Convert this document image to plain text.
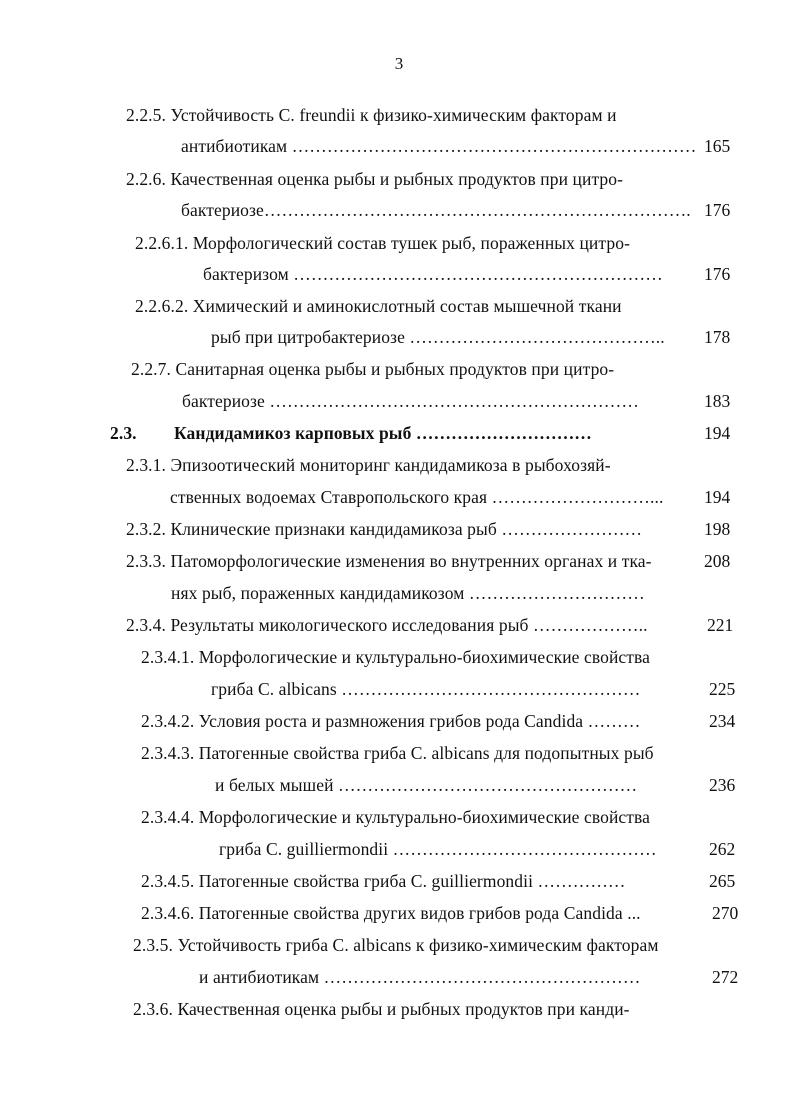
3
2.2.5. Устойчивость C. freundii к физико-химическим факторам и
антибиотикам …………………………………………………………… 165
2.2.6. Качественная оценка рыбы и рыбных продуктов при цитро-
бактериозе………………………………………………………………. 176
2.2.6.1. Морфологический состав тушек рыб, пораженных цитро-
бактеризом ……………………………………………………… 176
2.2.6.2. Химический и аминокислотный состав мышечной ткани
рыб при цитробактериозе …………………………………….. 178
2.2.7. Санитарная оценка рыбы и рыбных продуктов при цитро-
бактериозе ………………………………………………………	183
2.3. Кандидамикоз карповых рыб …………………………	194
2.3.1. Эпизоотический мониторинг кандидамикоза в рыбохозяй-
ственных водоемах Ставропольского края ………………………... 194
2.3.2. Клинические признаки кандидамикоза рыб ……………………	198
2.3.3. Патоморфологические изменения во внутренних органах и тка-	208
нях рыб, пораженных кандидамикозом …………………………
2.3.4. Результаты микологического исследования рыб ………………..	221
2.3.4.1. Морфологические и культурально-биохимические свойства
гриба C. albicans ……………………………………………	225
2.3.4.2. Условия роста и размножения грибов рода Candida ………	234
2.3.4.3. Патогенные свойства гриба C. albicans для подопытных рыб
и белых мышей ……………………………………………	236
2.3.4.4. Морфологические и культурально-биохимические свойства
гриба C. guilliermondii ………………………………………	262
2.3.4.5. Патогенные свойства гриба C. guilliermondii ……………	265
2.3.4.6. Патогенные свойства других видов грибов рода Candida ...	270
2.3.5. Устойчивость гриба C. albicans к физико-химическим факторам
и антибиотикам ………………………………………………	272
2.3.6. Качественная оценка рыбы и рыбных продуктов при канди-
